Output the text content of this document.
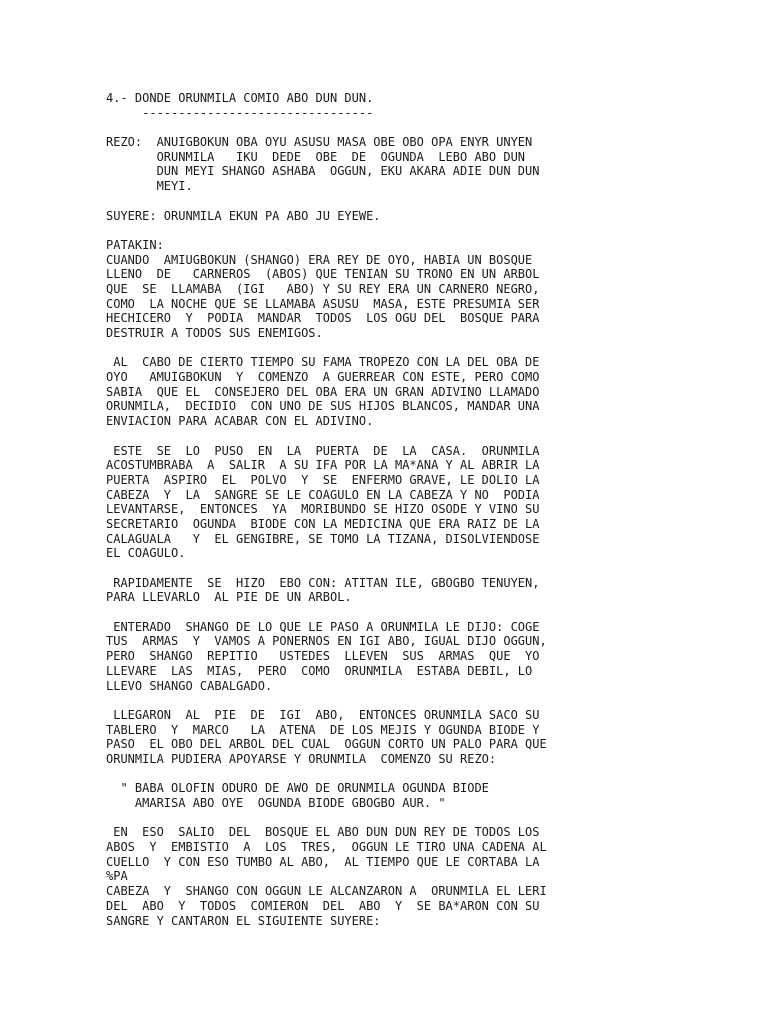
4.- DONDE ORUNMILA COMIO ABO DUN DUN.
--------------------------------
REZO:  ANUIGBOKUN OBA OYU ASUSU MASA OBE OBO OPA ENYR UNYEN
ORUNMILA   IKU  DEDE  OBE  DE  OGUNDA  LEBO ABO DUN
DUN MEYI SHANGO ASHABA  OGGUN, EKU AKARA ADIE DUN DUN
MEYI.
SUYERE: ORUNMILA EKUN PA ABO JU EYEWE.
PATAKIN:
CUANDO  AMIUGBOKUN (SHANGO) ERA REY DE OYO, HABIA UN BOSQUE
LLENO  DE   CARNEROS  (ABOS) QUE TENIAN SU TRONO EN UN ARBOL
QUE  SE  LLAMABA  (IGI   ABO) Y SU REY ERA UN CARNERO NEGRO,
COMO  LA NOCHE QUE SE LLAMABA ASUSU  MASA, ESTE PRESUMIA SER
HECHICERO  Y  PODIA  MANDAR  TODOS  LOS OGU DEL  BOSQUE PARA
DESTRUIR A TODOS SUS ENEMIGOS.
AL  CABO DE CIERTO TIEMPO SU FAMA TROPEZO CON LA DEL OBA DE
OYO   AMUIGBOKUN  Y  COMENZO  A GUERREAR CON ESTE, PERO COMO
SABIA  QUE EL  CONSEJERO DEL OBA ERA UN GRAN ADIVINO LLAMADO
ORUNMILA,  DECIDIO  CON UNO DE SUS HIJOS BLANCOS, MANDAR UNA
ENVIACION PARA ACABAR CON EL ADIVINO.
ESTE  SE  LO  PUSO  EN  LA  PUERTA  DE  LA  CASA.  ORUNMILA
ACOSTUMBRABA  A  SALIR  A SU IFA POR LA MA*ANA Y AL ABRIR LA
PUERTA  ASPIRO  EL  POLVO  Y  SE  ENFERMO GRAVE, LE DOLIO LA
CABEZA  Y  LA  SANGRE SE LE COAGULO EN LA CABEZA Y NO  PODIA
LEVANTARSE,  ENTONCES  YA  MORIBUNDO SE HIZO OSODE Y VINO SU
SECRETARIO  OGUNDA  BIODE CON LA MEDICINA QUE ERA RAIZ DE LA
CALAGUALA   Y  EL GENGIBRE, SE TOMO LA TIZANA, DISOLVIENDOSE
EL COAGULO.
RAPIDAMENTE  SE  HIZO  EBO CON: ATITAN ILE, GBOGBO TENUYEN,
PARA LLEVARLO  AL PIE DE UN ARBOL.
ENTERADO  SHANGO DE LO QUE LE PASO A ORUNMILA LE DIJO: COGE
TUS  ARMAS  Y  VAMOS A PONERNOS EN IGI ABO, IGUAL DIJO OGGUN,
PERO  SHANGO  REPITIO   USTEDES  LLEVEN  SUS  ARMAS  QUE  YO
LLEVARE  LAS  MIAS,  PERO  COMO  ORUNMILA  ESTABA DEBIL, LO
LLEVO SHANGO CABALGADO.
LLEGARON  AL  PIE  DE  IGI  ABO,  ENTONCES ORUNMILA SACO SU
TABLERO  Y  MARCO   LA  ATENA  DE LOS MEJIS Y OGUNDA BIODE Y
PASO  EL OBO DEL ARBOL DEL CUAL  OGGUN CORTO UN PALO PARA QUE
ORUNMILA PUDIERA APOYARSE Y ORUNMILA  COMENZO SU REZO:
" BABA OLOFIN ODURO DE AWO DE ORUNMILA OGUNDA BIODE
AMARISA ABO OYE  OGUNDA BIODE GBOGBO AUR. "
EN  ESO  SALIO  DEL  BOSQUE EL ABO DUN DUN REY DE TODOS LOS
ABOS  Y  EMBISTIO  A  LOS  TRES,  OGGUN LE TIRO UNA CADENA AL
CUELLO  Y CON ESO TUMBO AL ABO,  AL TIEMPO QUE LE CORTABA LA
%PA
CABEZA  Y  SHANGO CON OGGUN LE ALCANZARON A  ORUNMILA EL LERI
DEL  ABO  Y  TODOS  COMIERON  DEL  ABO  Y  SE BA*ARON CON SU
SANGRE Y CANTARON EL SIGUIENTE SUYERE:
